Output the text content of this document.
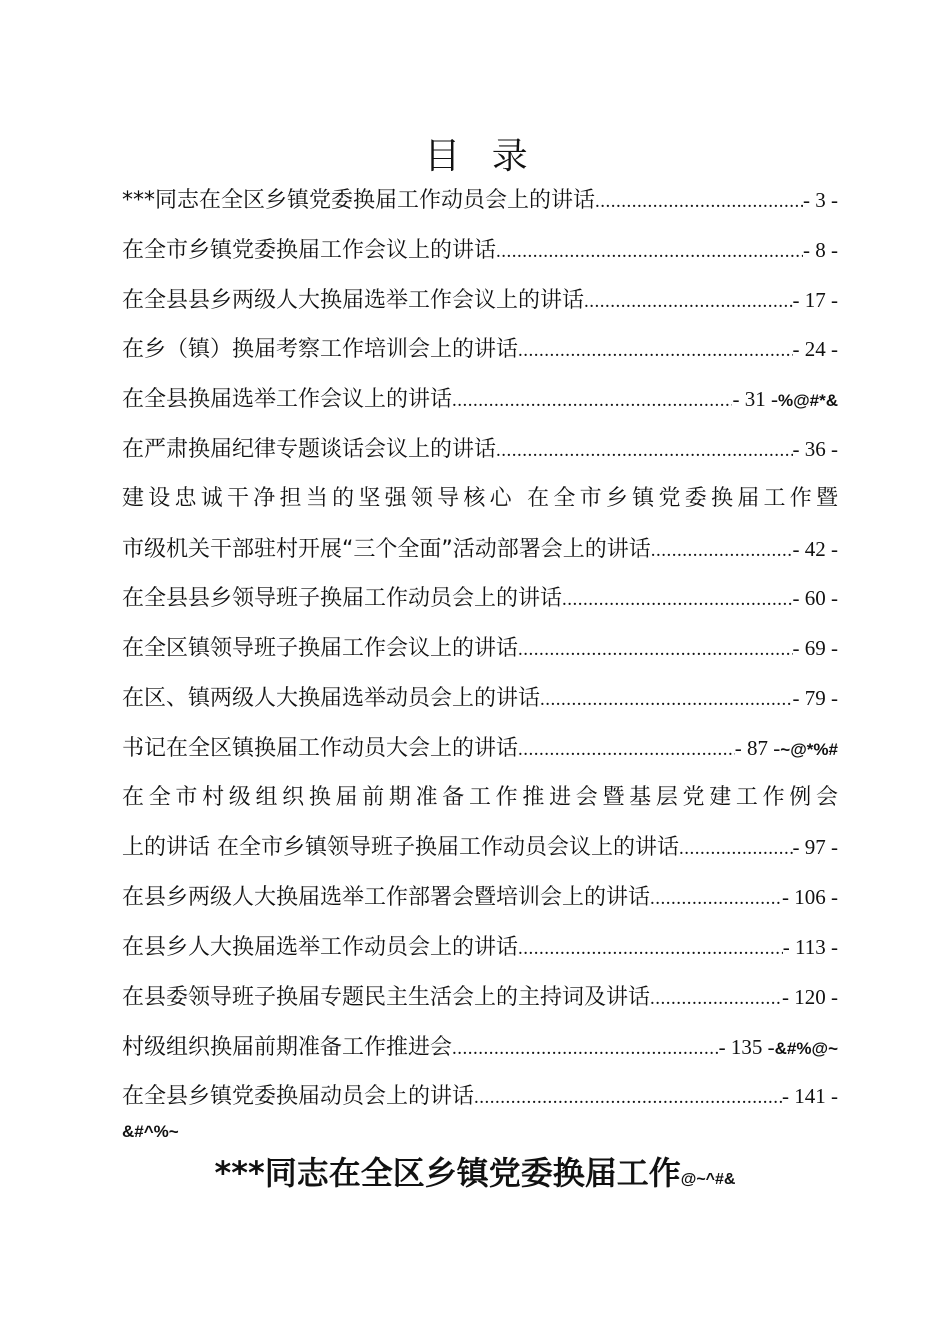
目 录
***同志在全区乡镇党委换届工作动员会上的讲话 .....	- 3 -
在全市乡镇党委换届工作会议上的讲话 .....	- 8 -
在全县县乡两级人大换届选举工作会议上的讲话 .....	- 17 -
在乡（镇）换届考察工作培训会上的讲话 .....	- 24 -
在全县换届选举工作会议上的讲话 .....	- 31 - %@#*&
在严肃换届纪律专题谈话会议上的讲话 .....	- 36 -
建设忠诚干净担当的坚强领导核心 在全市乡镇党委换届工作暨
市级机关干部驻村开展“三个全面”活动部署会上的讲话 .....	- 42 -
在全县县乡领导班子换届工作动员会上的讲话 .....	- 60 -
在全区镇领导班子换届工作会议上的讲话 .....	- 69 -
在区、镇两级人大换届选举动员会上的讲话 .....	- 79 -
书记在全区镇换届工作动员大会上的讲话 .....	- 87 - ~@*%#
在全市村级组织换届前期准备工作推进会暨基层党建工作例会
上的讲话 在全市乡镇领导班子换届工作动员会议上的讲话 .....	- 97 -
在县乡两级人大换届选举工作部署会暨培训会上的讲话 .....	- 106 -
在县乡人大换届选举工作动员会上的讲话 .....	- 113 -
在县委领导班子换届专题民主生活会上的主持词及讲话 .....	- 120 -
村级组织换届前期准备工作推进会 .....	- 135 - &#%@~
在全县乡镇党委换届动员会上的讲话 .....	- 141 -
&#^%~
***同志在全区乡镇党委换届工作@~^#&
